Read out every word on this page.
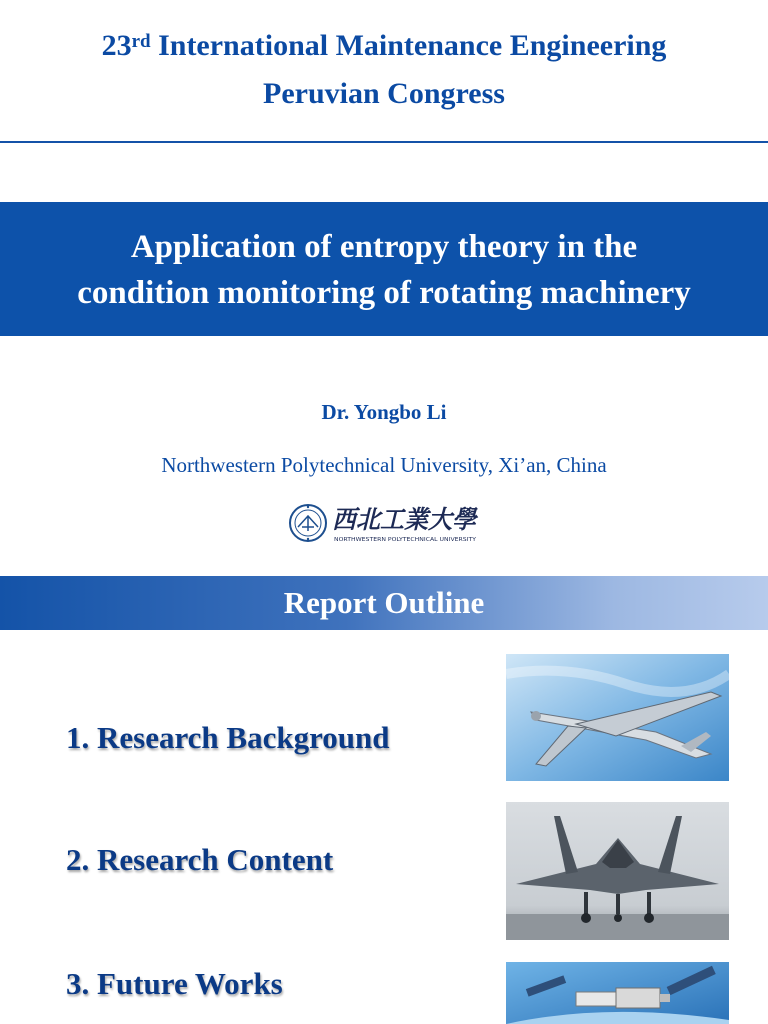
23rd International Maintenance Engineering
Peruvian Congress
Application of entropy theory in the
condition monitoring of rotating machinery
Dr. Yongbo Li
Northwestern Polytechnical University, Xi’an, China
西北工業大學
NORTHWESTERN POLYTECHNICAL UNIVERSITY
Report Outline
1. Research Background
2. Research Content
3. Future Works
